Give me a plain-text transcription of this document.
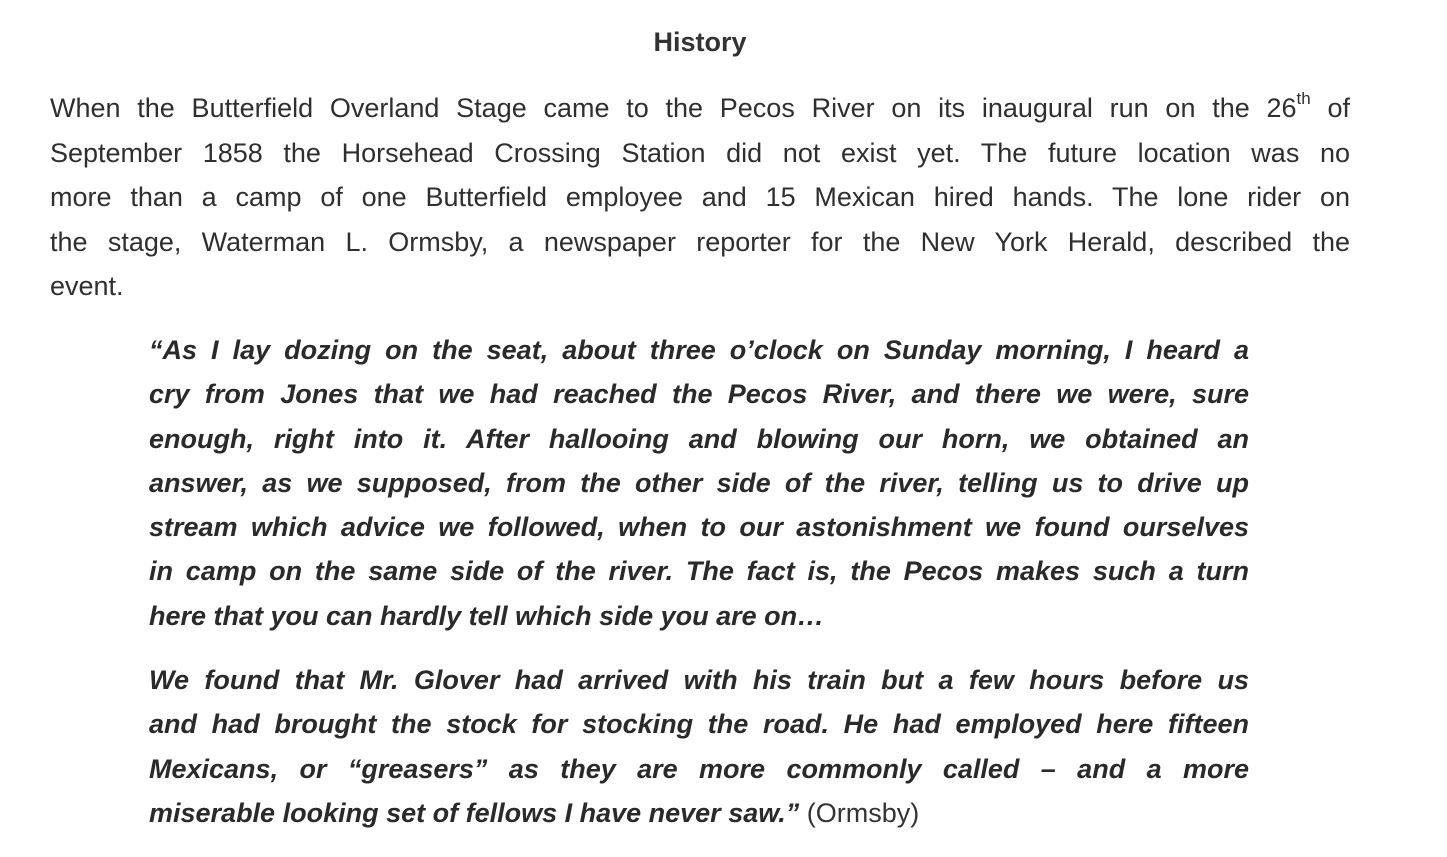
History
When the Butterfield Overland Stage came to the Pecos River on its inaugural run on the 26th of
September 1858 the Horsehead Crossing Station did not exist yet. The future location was no
more than a camp of one Butterfield employee and 15 Mexican hired hands. The lone rider on
the stage, Waterman L. Ormsby, a newspaper reporter for the New York Herald, described the
event.
“As I lay dozing on the seat, about three o’clock on Sunday morning, I heard a
cry from Jones that we had reached the Pecos River, and there we were, sure
enough, right into it. After hallooing and blowing our horn, we obtained an
answer, as we supposed, from the other side of the river, telling us to drive up
stream which advice we followed, when to our astonishment we found ourselves
in camp on the same side of the river. The fact is, the Pecos makes such a turn
here that you can hardly tell which side you are on…
We found that Mr. Glover had arrived with his train but a few hours before us
and had brought the stock for stocking the road. He had employed here fifteen
Mexicans, or “greasers” as they are more commonly called – and a more
miserable looking set of fellows I have never saw.” (Ormsby)
